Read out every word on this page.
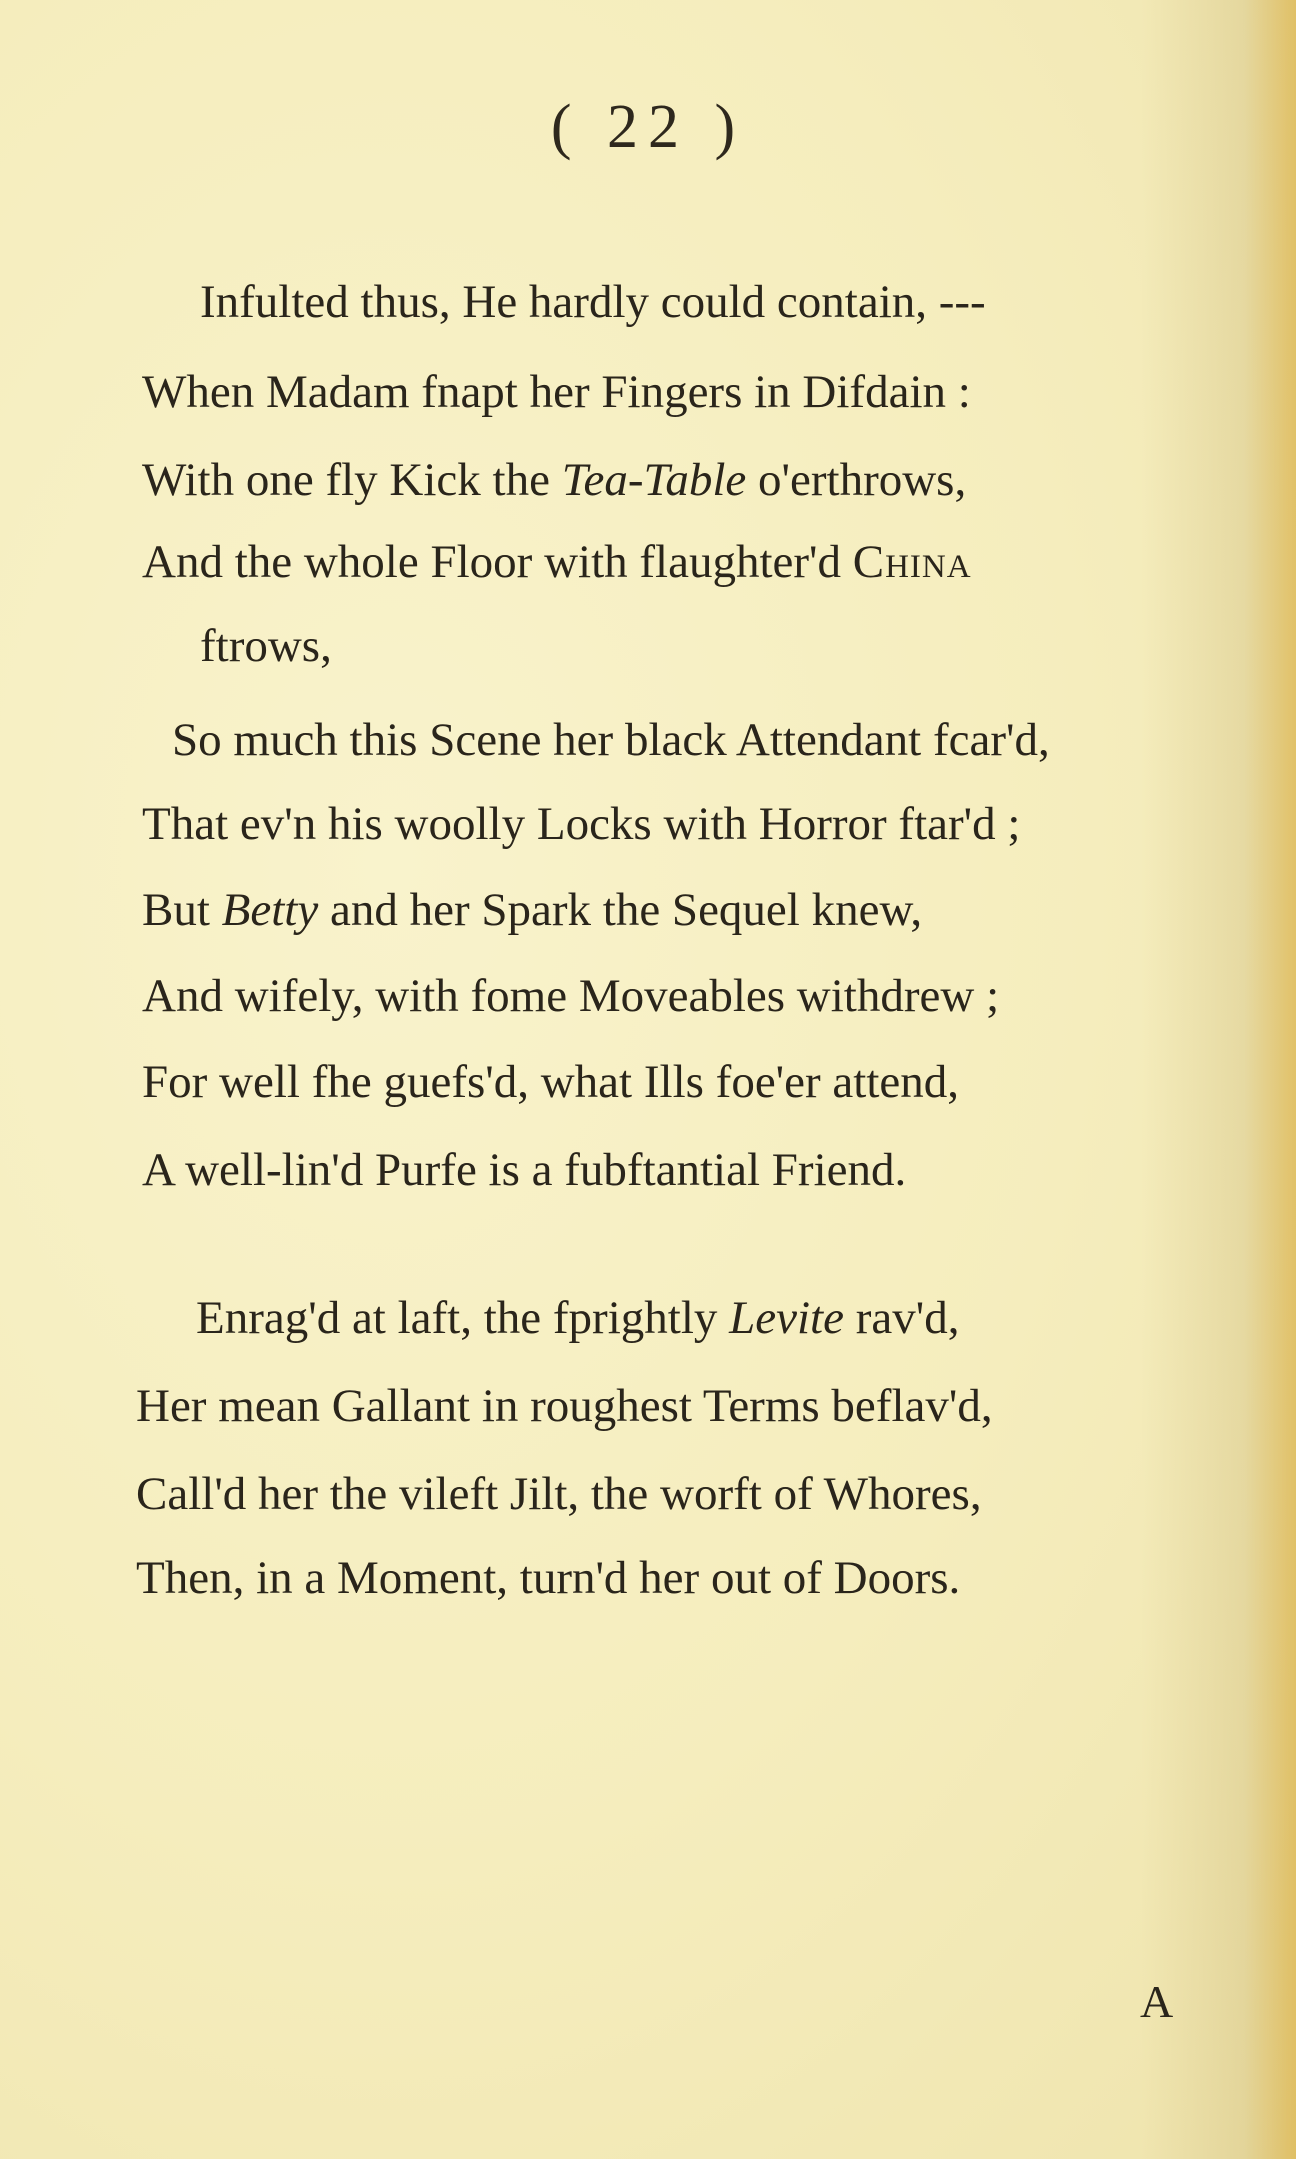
( 22 )
Infulted thus, He hardly could contain, ---
When Madam fnapt her Fingers in Difdain :
With one fly Kick the Tea-Table o'erthrows,
And the whole Floor with flaughter'd China
ftrows,
So much this Scene her black Attendant fcar'd,
That ev'n his woolly Locks with Horror ftar'd ;
But Betty and her Spark the Sequel knew,
And wifely, with fome Moveables withdrew ;
For well fhe guefs'd, what Ills foe'er attend,
A well-lin'd Purfe is a fubftantial Friend.
Enrag'd at laft, the fprightly Levite rav'd,
Her mean Gallant in roughest Terms beflav'd,
Call'd her the vileft Jilt, the worft of Whores,
Then, in a Moment, turn'd her out of Doors.
A
